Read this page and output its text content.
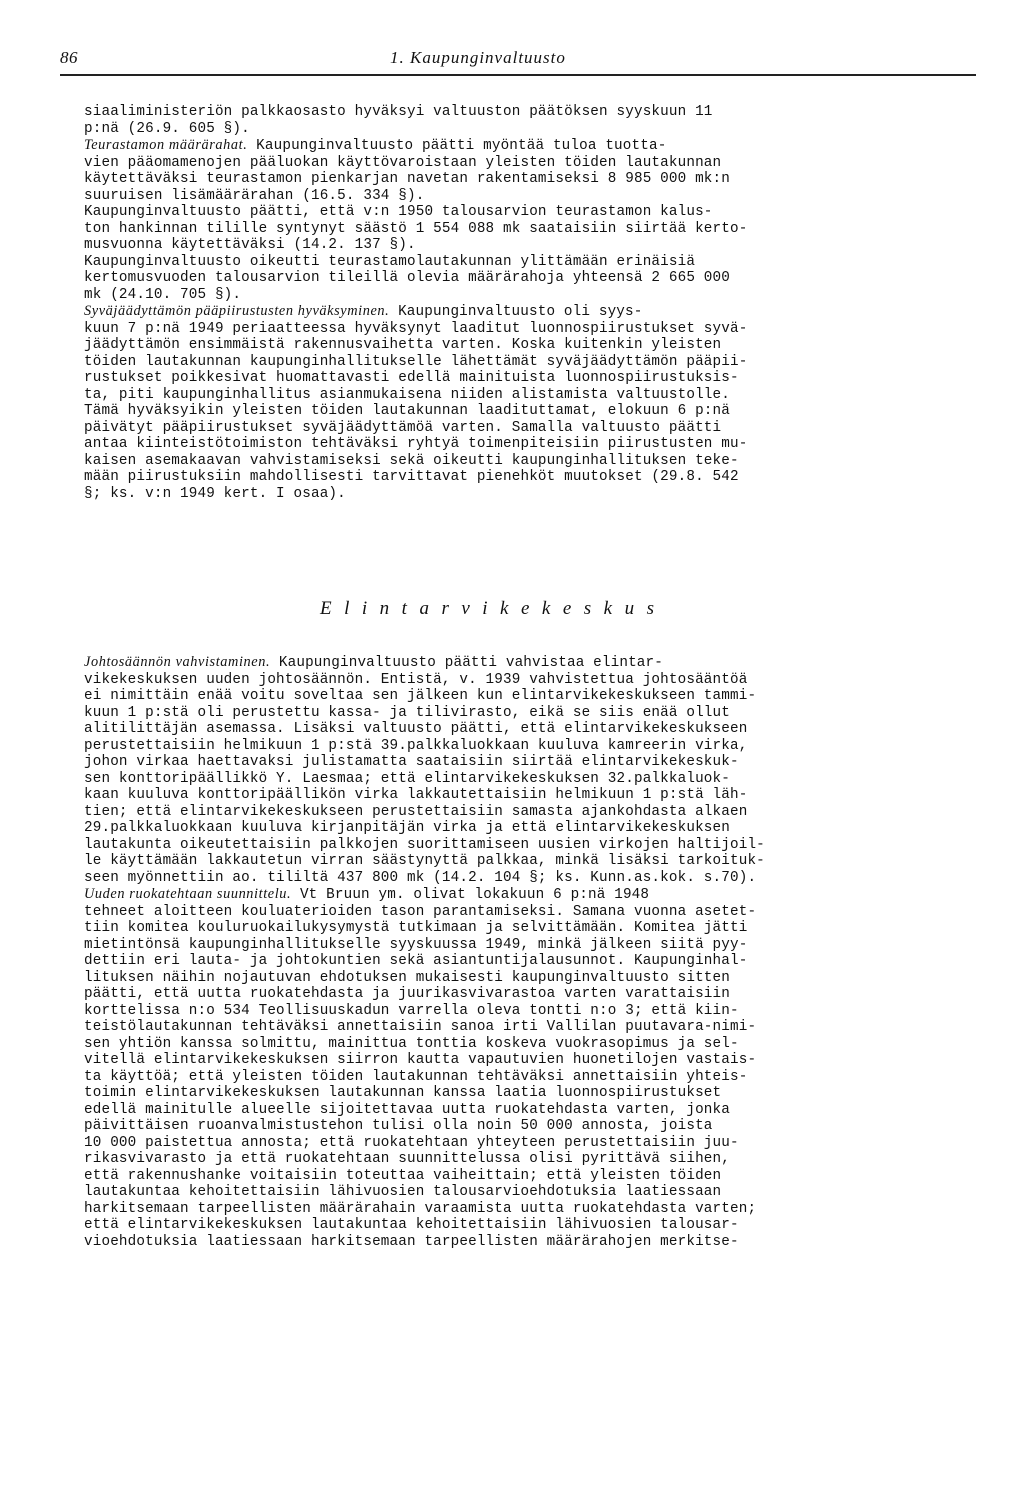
86	1. Kaupunginvaltuusto
siaaliministeriön palkkaosasto hyväksyi valtuuston päätöksen syyskuun 11
p:nä (26.9. 605 §).
Teurastamon määrärahat. Kaupunginvaltuusto päätti myöntää tuloa tuotta-
vien pääomamenojen pääluokan käyttövaroistaan yleisten töiden lautakunnan
käytettäväksi teurastamon pienkarjan navetan rakentamiseksi 8 985 000 mk:n
suuruisen lisämäärärahan (16.5. 334 §).
Kaupunginvaltuusto päätti, että v:n 1950 talousarvion teurastamon kalus-
ton hankinnan tilille syntynyt säästö 1 554 088 mk saataisiin siirtää kerto-
musvuonna käytettäväksi (14.2. 137 §).
Kaupunginvaltuusto oikeutti teurastamolautakunnan ylittämään erinäisiä
kertomusvuoden talousarvion tileillä olevia määrärahoja yhteensä 2 665 000
mk (24.10. 705 §).
Syväjäädyttämön pääpiirustusten hyväksyminen. Kaupunginvaltuusto oli syys-
kuun 7 p:nä 1949 periaatteessa hyväksynyt laaditut luonnospiirustukset syvä-
jäädyttämön ensimmäistä rakennusvaihetta varten. Koska kuitenkin yleisten
töiden lautakunnan kaupunginhallitukselle lähettämät syväjäädyttämön pääpii-
rustukset poikkesivat huomattavasti edellä mainituista luonnospiirustuksis-
ta, piti kaupunginhallitus asianmukaisena niiden alistamista valtuustolle.
Tämä hyväksyikin yleisten töiden lautakunnan laadituttamat, elokuun 6 p:nä
päivätyt pääpiirustukset syväjäädyttämöä varten. Samalla valtuusto päätti
antaa kiinteistötoimiston tehtäväksi ryhtyä toimenpiteisiin piirustusten mu-
kaisen asemakaavan vahvistamiseksi sekä oikeutti kaupunginhallituksen teke-
mään piirustuksiin mahdollisesti tarvittavat pienehköt muutokset (29.8. 542
§; ks. v:n 1949 kert. I osaa).
Elintarvikekeskus
Johtosäännön vahvistaminen. Kaupunginvaltuusto päätti vahvistaa elintar-
vikekeskuksen uuden johtosäännön. Entistä, v. 1939 vahvistettua johtosääntöä
ei nimittäin enää voitu soveltaa sen jälkeen kun elintarvikekeskukseen tammi-
kuun 1 p:stä oli perustettu kassa- ja tilivirasto, eikä se siis enää ollut
alitilittäjän asemassa. Lisäksi valtuusto päätti, että elintarvikekeskukseen
perustettaisiin helmikuun 1 p:stä 39.palkkaluokkaan kuuluva kamreerin virka,
johon virkaa haettavaksi julistamatta saataisiin siirtää elintarvikekeskuk-
sen konttoripäällikkö Y. Laesmaa; että elintarvikekeskuksen 32.palkkaluok-
kaan kuuluva konttoripäällikön virka lakkautettaisiin helmikuun 1 p:stä läh-
tien; että elintarvikekeskukseen perustettaisiin samasta ajankohdasta alkaen
29.palkkaluokkaan kuuluva kirjanpitäjän virka ja että elintarvikekeskuksen
lautakunta oikeutettaisiin palkkojen suorittamiseen uusien virkojen haltijoil-
le käyttämään lakkautetun virran säästynyttä palkkaa, minkä lisäksi tarkoituk-
seen myönnettiin ao. tililtä 437 800 mk (14.2. 104 §; ks. Kunn.as.kok. s.70).
Uuden ruokatehtaan suunnittelu. Vt Bruun ym. olivat lokakuun 6 p:nä 1948
tehneet aloitteen kouluaterioiden tason parantamiseksi. Samana vuonna asetet-
tiin komitea kouluruokailukysymystä tutkimaan ja selvittämään. Komitea jätti
mietintönsä kaupunginhallitukselle syyskuussa 1949, minkä jälkeen siitä pyy-
dettiin eri lauta- ja johtokuntien sekä asiantuntijalausunnot. Kaupunginhal-
lituksen näihin nojautuvan ehdotuksen mukaisesti kaupunginvaltuusto sitten
päätti, että uutta ruokatehdasta ja juurikasvivarastoa varten varattaisiin
korttelissa n:o 534 Teollisuuskadun varrella oleva tontti n:o 3; että kiin-
teistölautakunnan tehtäväksi annettaisiin sanoa irti Vallilan puutavara-nimi-
sen yhtiön kanssa solmittu, mainittua tonttia koskeva vuokrasopimus ja sel-
vitellä elintarvikekeskuksen siirron kautta vapautuvien huonetilojen vastais-
ta käyttöä; että yleisten töiden lautakunnan tehtäväksi annettaisiin yhteis-
toimin elintarvikekeskuksen lautakunnan kanssa laatia luonnospiirustukset
edellä mainitulle alueelle sijoitettavaa uutta ruokatehdasta varten, jonka
päivittäisen ruoanvalmistustehon tulisi olla noin 50 000 annosta, joista
10 000 paistettua annosta; että ruokatehtaan yhteyteen perustettaisiin juu-
rikasvivarasto ja että ruokatehtaan suunnittelussa olisi pyrittävä siihen,
että rakennushanke voitaisiin toteuttaa vaiheittain; että yleisten töiden
lautakuntaa kehoitettaisiin lähivuosien talousarvioehdotuksia laatiessaan
harkitsemaan tarpeellisten määrärahain varaamista uutta ruokatehdasta varten;
että elintarvikekeskuksen lautakuntaa kehoitettaisiin lähivuosien talousar-
vioehdotuksia laatiessaan harkitsemaan tarpeellisten määrärahojen merkitse-
